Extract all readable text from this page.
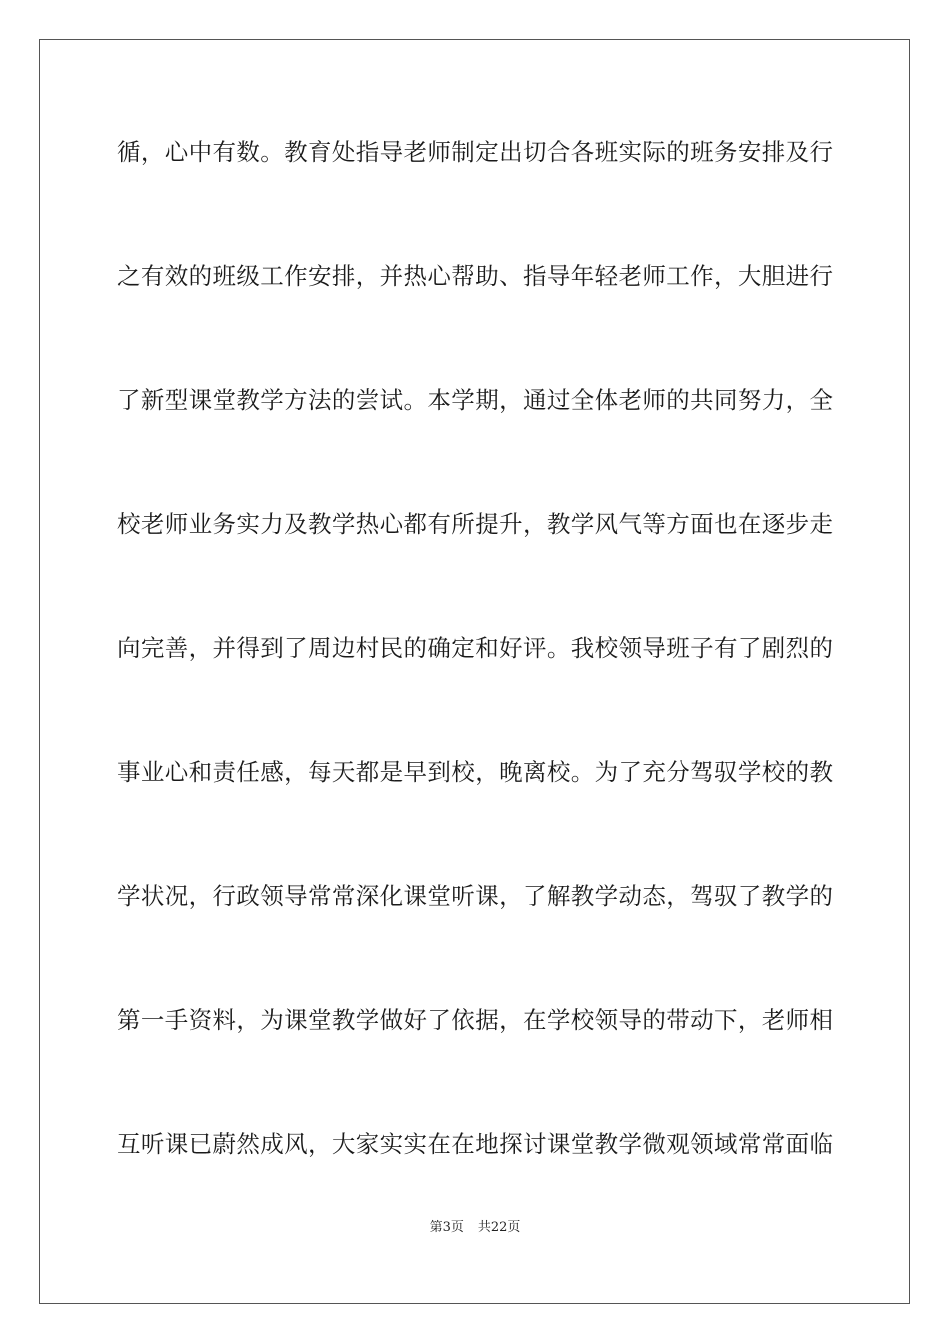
循，心中有数。教育处指导老师制定出切合各班实际的班务安排及行
之有效的班级工作安排，并热心帮助、指导年轻老师工作，大胆进行
了新型课堂教学方法的尝试。本学期，通过全体老师的共同努力，全
校老师业务实力及教学热心都有所提升，教学风气等方面也在逐步走
向完善，并得到了周边村民的确定和好评。我校领导班子有了剧烈的
事业心和责任感，每天都是早到校，晚离校。为了充分驾驭学校的教
学状况，行政领导常常深化课堂听课，了解教学动态，驾驭了教学的
第一手资料，为课堂教学做好了依据，在学校领导的带动下，老师相
互听课已蔚然成风，大家实实在在地探讨课堂教学微观领域常常面临
第3页 共22页
